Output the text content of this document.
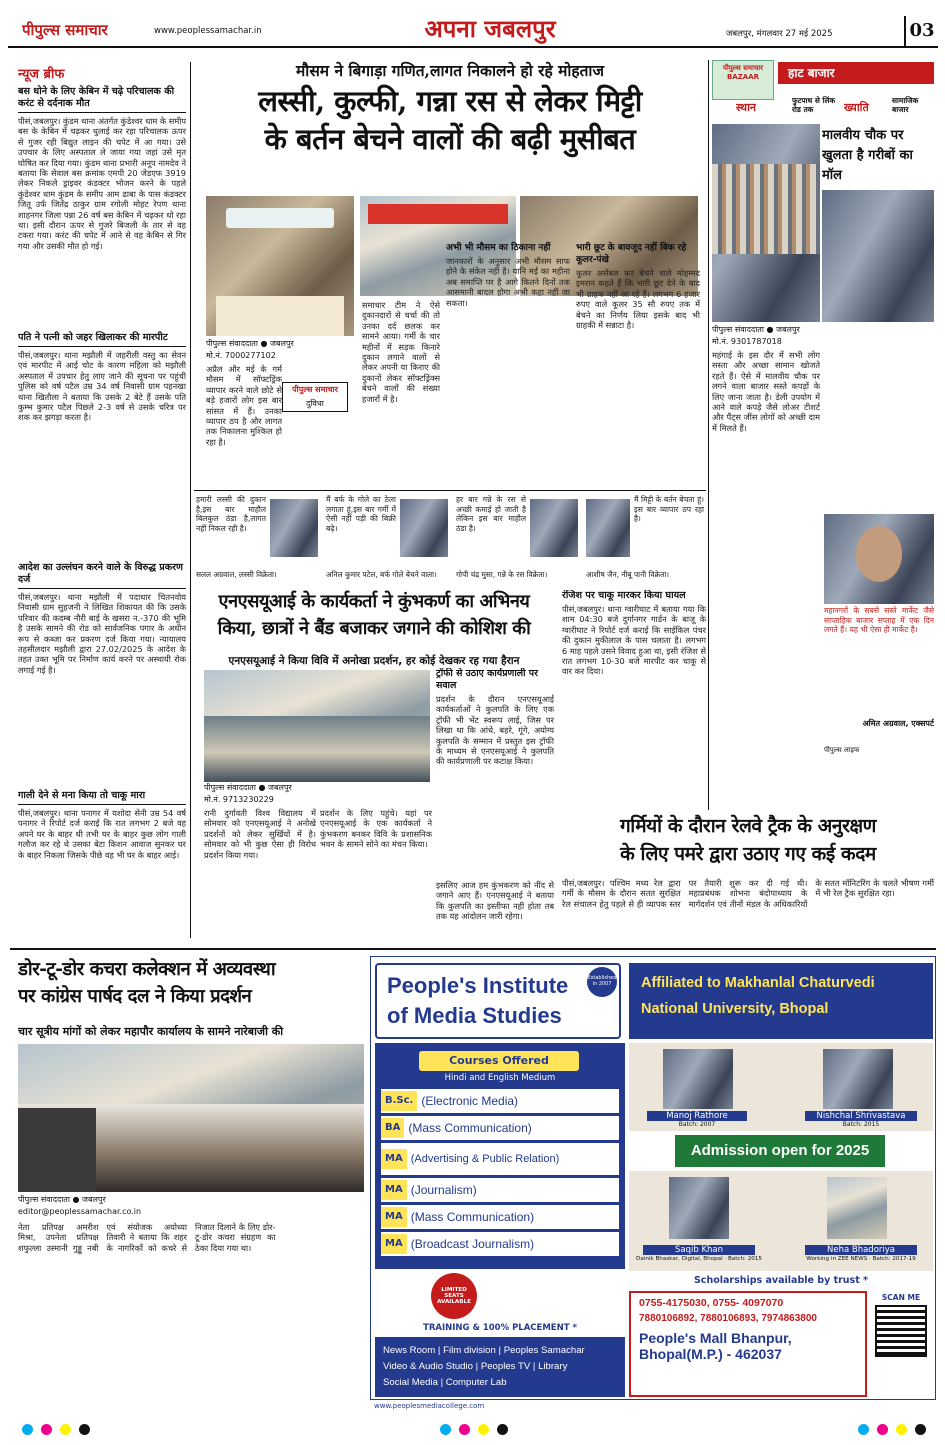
पीपुल्स समाचार	www.peoplessamachar.in	अपना जबलपुर	जबलपुर, मंगलवार 27 मई 2025	03
न्यूज ब्रीफ
बस धोने के लिए केबिन में चढ़े परिचालक की करंट से दर्दनाक मौत
पीसं,जबलपुर। कुंडम थाना अंतर्गत कुंडेश्वर धाम के समीप बस के केबिन में चढ़कर धुलाई कर रहा परिचालक ऊपर से गुजर रही बिद्युत लाइन की चपेट में आ गया। उसे उपचार के लिए अस्पताल ले जाया गया जहां उसे मृत घोषित कर दिया गया। कुंडम थाना प्रभारी अनूप नामदेव ने बताया कि सेवाल बस क्रमांक एमपी 20 जेडएफ 3919 लेकर निकले ड्राइवर कंडक्टर भोजन करने के पहले कुंडेश्वर धाम कुंडम के समीप आम ढाबा के पास कंडक्टर जितू उर्फ जितेंद्र ठाकुर ग्राम रगोली मोहट रेपण थाना शाहनगर जिला पन्ना 26 वर्ष बस केबिन में चढ़कर धो रहा था। इसी दौरान ऊपर से गुजरे बिजली के तार से वह टकरा गया। करंट की चपेट में आने से वह केबिन से गिर गया और उसकी मौत हो गई।
पति ने पत्नी को जहर खिलाकर की मारपीट
पीसं,जबलपुर। थाना मझौली में जहरीली वस्तु का सेवन एवं मारपीट में आई चोट के कारण महिला को मझौली अस्पताल में उपचार हेतु लाए जाने की सूचना पर पहुंची पुलिस को वर्ष पटैल उम्र 34 वर्ष निवासी ग्राम पहनखा थाना खितौला ने बताया कि उसके 2 बेटे हैं उसके पति कुम्भ कुमार पटैल पिछले 2-3 वर्ष से उसके चरित्र पर शक कर झगड़ा करता है।
आदेश का उल्लंघन करने वाले के विरुद्ध प्रकरण दर्ज
पीसं,जबलपुर। थाना मझौली में पदाधार चितनवोय निवासी ग्राम सुहजनी ने लिखित शिकायत की कि उसके परिवार की कदम्ब नौरी बाई के खसरा न.-370 की भूमि है उसके सामने की रोड को सार्वजनिक पगार के अधीन रूप से कब्जा कर प्रकरण दर्ज किया गया। न्यायालय तहसीलदार मझौली द्वारा 27.02/2025 के आदेश के तहत उक्त भूमि पर निर्माण कार्य करने पर अस्थायी रोक लगाई गई है।
गाली देने से मना किया तो चाकू मारा
पीसं,जबलपुर। थाना पनागर में यशोदा सेनी उम्र 54 वर्ष पनागर ने रिपोर्ट दर्ज कराई कि रात लगभग 2 बजे वह अपने घर के बाहर थी तभी घर के बाहर कुछ लोग गाली गलौज कर रहे थे उसका बेटा किशन आवाज सुनकर घर के बाहर निकला जिसके पीछे वह भी घर के बाहर आई।
मौसम ने बिगाड़ा गणित,लागत निकालने हो रहे मोहताज
लस्सी, कुल्फी, गन्ना रस से लेकर मिट्टी
के बर्तन बेचने वालों की बढ़ी मुसीबत
पीपुल्स संवाददाता ● जबलपुर
मो.नं. 7000277102
अप्रैल और मई के गर्म मौसम में सॉफ्टड्रिंक व्यापार करने वाले छोटे से बड़े हजारों लोग इस बार सांसत में हैं। उनका व्यापार ठप है और लागत तक निकालना मुश्किल हो रहा है।
पीपुल्स समाचार
दुविधा
समाचार टीम ने ऐसे दुकानदारों से चर्चा की तो उनका दर्द छलक कर सामने आया। गर्मी के चार महीनों में सड़क किनारे दुकान लगाने वालों से लेकर अपनी या किराए की दुकानों लेकर सॉफ्टड्रिंक्स बेचने वालों की संख्या हजारों में है।
अभी भी मौसम का ठिकाना नहीं
जानकारों के अनुसार अभी मौसम साफ होने के संकेत नहीं है। यानि मई का महीना अब समाप्ति पर है आगे कितने दिनों तक आसमानी बादल होगा अभी कहा नहीं जा सकता।
भारी छूट के बावजूद नहीं बिक रहे कूलर-पंखे
कूलर असेंबल कर बेचने वाले मोहम्मद इमरान कहते हैं कि भारी छूट देने के बाद भी ग्राहक नहीं आ रहे हैं। लगभग 6 हजार रुपए वाले कूलर 35 सौ रुपए तक में बेचने का निर्णय लिया इसके बाद भी ग्राहकी में सन्नाटा है।
हमारी लस्सी की दुकान है,इस बार माहौल बिलकुल ठंडा है,लागत नहीं निकल रही है।
सलल अग्रवाल, लस्सी विक्रेता।
मैं बर्फ के गोले का ठेला लगाता हूं,इस बार गर्मी में ऐसी नहीं पड़ी की बिक्री बढ़े।
अनिल कुमार पटेल, बर्फ गोले बेचने वाला।
हर बार गन्ने के रस से अच्छी कमाई हो जाती है लेकिन इस बार माहौल ठंडा है।
गोपी चंद्र मुसा, गन्ने के रस विक्रेता।
मैं मिट्टी के बर्तन बेचता हूं। इस बार व्यापार ठप रहा है।
आशीष जैन, नीबू पानी विक्रेता।
एनएसयूआई के कार्यकर्ता ने कुंभकर्ण का अभिनय
किया, छात्रों ने बैंड बजाकर जगाने की कोशिश की
एनएसयूआई ने किया विवि में अनोखा प्रदर्शन, हर कोई देखकर रह गया हैरान
पीपुल्स संवाददाता ● जबलपुर
मो.नं. 9713230229
ट्रॉफी से उठाए कार्यप्रणाली पर सवाल
प्रदर्शन के दौरान एनएसयूआई कार्यकर्ताओं ने कुलपति के लिए एक ट्रॉफी भी भेंट स्वरूप लाई, जिस पर लिखा था कि आंधे, बहरे, गूंगे, अयोग्य कुलपति के सम्मान में प्रस्तुत इस ट्रॉफी के माध्यम से एनएसयूआई ने कुलपति की कार्यप्रणाली पर कटाक्ष किया।
रानी दुर्गावती विश्व विद्यालय में सोमवार को एनएसयूआई ने अनोखे प्रदर्शनों को लेकर सुर्खियों में है। सोमवार को भी कुछ ऐसा ही विरोध प्रदर्शन किया गया।
प्रदर्शन के लिए पहुंचे। यहां पर एनएसयूआई के एक कार्यकर्ता ने कुंभकरण बनकर विवि के प्रशासनिक भवन के सामने सोने का मंचन किया।
इसलिए आज हम कुंभकरण को नींद से जगाने आए हैं। एनएसयूआई ने बताया कि कुलपति का इस्तीफा नहीं होता तब तक यह आंदोलन जारी रहेगा।
रंजिश पर चाकू मारकर किया घायल
पीसं,जबलपुर। थाना ग्वारीघाट में बताया गया कि शाम 04:30 बजे दुर्गानगर गार्डन के बाजू के ग्वारीघाट ने रिपोर्ट दर्ज कराई कि साईकिल पंचर की दुकान मुकीलाल के पास चलाता है। लगभग 6 माह पहले उसने विवाद हुआ था, इसी रंजिश से रात लगभग 10-30 बजे मारपीट कर चाकू से वार कर दिया।
पीपुल्स समाचार BAZAAR	हाट बाजार
स्थान
फुटपाथ से लिंक रोड तक	ख्याति
सामाजिक बाजार
मालवीय चौक पर खुलता है गरीबों का मॉल
पीपुल्स संवाददाता ● जबलपुर
मो.नं. 9301787018
महंगाई के इस दौर में सभी लोग सस्ता और अच्छा सामान खोजते रहते हैं। ऐसे में मालवीय चौक पर लगने वाला बाजार सस्ते कपड़ों के लिए जाना जाता है। डेली उपयोग में आने वाले कपड़े जैसे लोअर टीशर्ट और पैंट्स जींस लोगों को अच्छी दाम में मिलते हैं।
महानगरों के सबसे सस्ते मार्केट जैसे साप्ताहिक बाजार सप्ताह में एक दिन लगते हैं। यह भी ऐसा ही मार्केट है।
अमित अग्रवाल, एक्सपर्ट
पीपुल्स लाइफ
गर्मियों के दौरान रेलवे ट्रैक के अनुरक्षण
के लिए पमरे द्वारा उठाए गए कई कदम
पीसं,जबलपुर। पश्चिम मध्य रेल द्वारा गर्मी के मौसम के दौरान सतत सुरक्षित रेल संचालन हेतु पहले से ही व्यापक स्तर पर तैयारी शुरू कर दी गई थी। महाप्रबंधक शोभना बंदोपाध्याय के मार्गदर्शन एवं तीनों मंडल के अधिकारियों के सतत मॉनिटरिंग के चलते भीषण गर्मी में भी रेल ट्रैक सुरक्षित रहा।
डोर-टू-डोर कचरा कलेक्शन में अव्यवस्था
पर कांग्रेस पार्षद दल ने किया प्रदर्शन
चार सूत्रीय मांगों को लेकर महापौर कार्यालय के सामने नारेबाजी की
पीपुल्स संवाददाता ● जबलपुर
editor@peoplessamachar.co.in
नेता प्रतिपक्ष अमरीश मिश्रा, उपनेता प्रतिपक्ष शफुल्ला उस्मानी गुड्डू नबी एवं संयोजक अयोध्या तिवारी ने बताया कि शहर के नागरिकों को कचरे से निजात दिलाने के लिए डोर-टू-डोर कचरा संग्रहण का ठेका दिया गया था।
People's Institute
of Media Studies
Established in 2007	Affiliated to Makhanlal Chaturvedi
National University, Bhopal
Courses Offered
Hindi and English Medium
B.Sc. (Electronic Media)
BA (Mass Communication)
MA (Advertising & Public Relation)
MA (Journalism)
MA (Mass Communication)
MA (Broadcast Journalism)
LIMITED SEATS AVAILABLE
TRAINING & 100% PLACEMENT *
News Room | Film division | Peoples Samachar
Video & Audio Studio | Peoples TV | Library
Social Media | Computer Lab
Manoj Rathore
Batch: 2007
Nishchal Shrivastava
Batch: 2015
Admission open for 2025
Saqib Khan
Dainik Bhaskar, Digital, Bhopal · Batch: 2015
Neha Bhadoriya
Working in ZEE NEWS · Batch: 2017-19
Scholarships available by trust *
0755-4175030, 0755- 4097070
7880106892, 7880106893, 7974863800
People's Mall Bhanpur,
Bhopal(M.P.) - 462037
SCAN ME
www.peoplesmediacollege.com
